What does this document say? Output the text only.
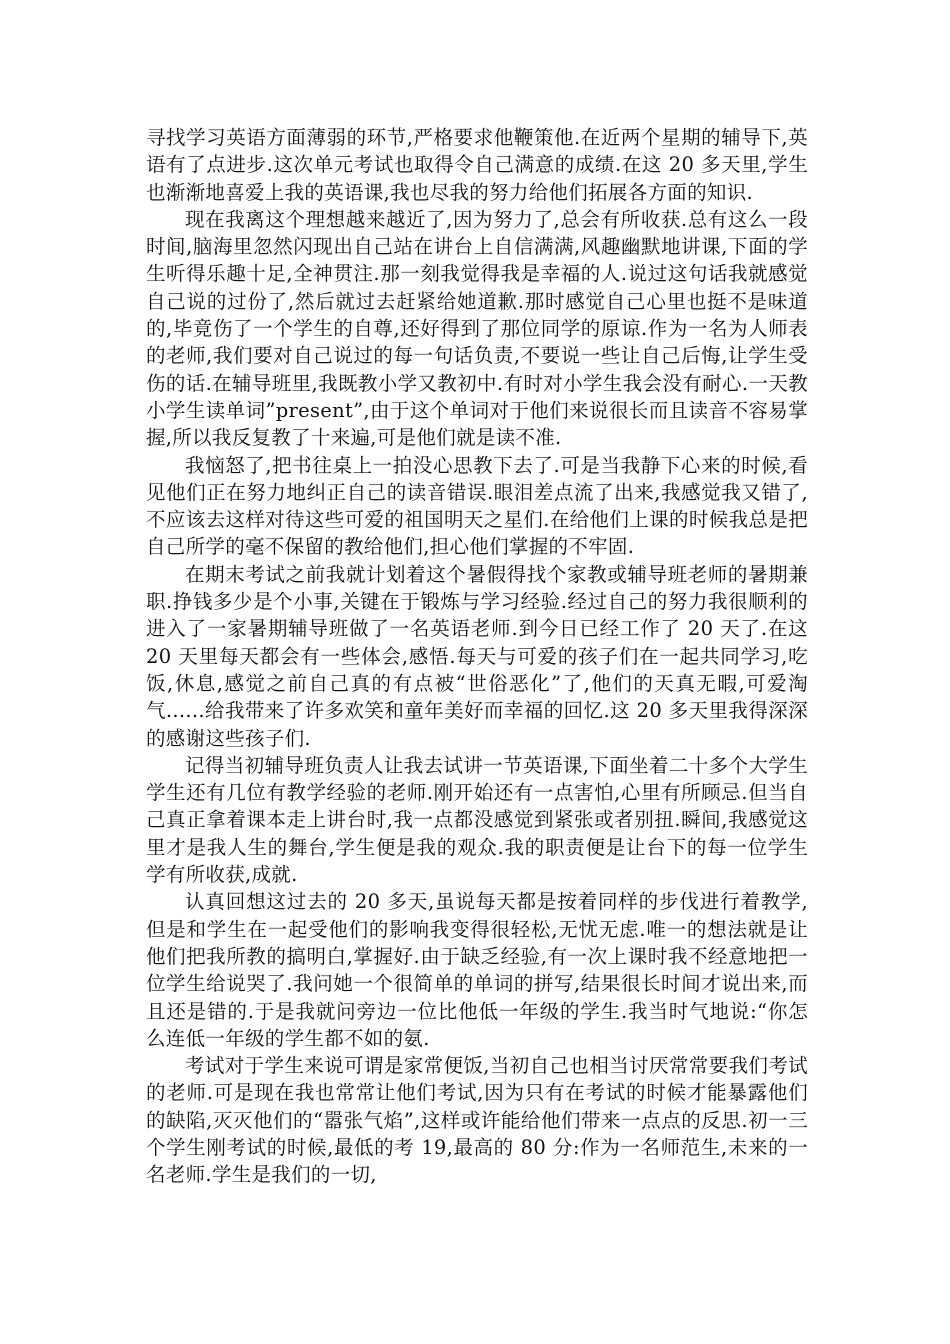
寻找学习英语方面薄弱的环节,严格要求他鞭策他.在近两个星期的辅导下,英语有了点进步.这次单元考试也取得令自己满意的成绩.在这 20 多天里,学生也渐渐地喜爱上我的英语课,我也尽我的努力给他们拓展各方面的知识.

现在我离这个理想越来越近了,因为努力了,总会有所收获.总有这么一段时间,脑海里忽然闪现出自己站在讲台上自信满满,风趣幽默地讲课,下面的学生听得乐趣十足,全神贯注.那一刻我觉得我是幸福的人.说过这句话我就感觉自己说的过份了,然后就过去赶紧给她道歉.那时感觉自己心里也挺不是味道的,毕竟伤了一个学生的自尊,还好得到了那位同学的原谅.作为一名为人师表的老师,我们要对自己说过的每一句话负责,不要说一些让自己后悔,让学生受伤的话.在辅导班里,我既教小学又教初中.有时对小学生我会没有耐心.一天教小学生读单词”present”,由于这个单词对于他们来说很长而且读音不容易掌握,所以我反复教了十来遍,可是他们就是读不准.

我恼怒了,把书往桌上一拍没心思教下去了.可是当我静下心来的时候,看见他们正在努力地纠正自己的读音错误.眼泪差点流了出来,我感觉我又错了,不应该去这样对待这些可爱的祖国明天之星们.在给他们上课的时候我总是把自己所学的毫不保留的教给他们,担心他们掌握的不牢固.

在期末考试之前我就计划着这个暑假得找个家教或辅导班老师的暑期兼职.挣钱多少是个小事,关键在于锻炼与学习经验.经过自己的努力我很顺利的进入了一家暑期辅导班做了一名英语老师.到今日已经工作了 20 天了.在这 20 天里每天都会有一些体会,感悟.每天与可爱的孩子们在一起共同学习,吃饭,休息,感觉之前自己真的有点被“世俗恶化”了,他们的天真无暇,可爱淘气......给我带来了许多欢笑和童年美好而幸福的回忆.这 20 多天里我得深深的感谢这些孩子们.

记得当初辅导班负责人让我去试讲一节英语课,下面坐着二十多个大学生学生还有几位有教学经验的老师.刚开始还有一点害怕,心里有所顾忌.但当自己真正拿着课本走上讲台时,我一点都没感觉到紧张或者别扭.瞬间,我感觉这里才是我人生的舞台,学生便是我的观众.我的职责便是让台下的每一位学生学有所收获,成就.

认真回想这过去的 20 多天,虽说每天都是按着同样的步伐进行着教学,但是和学生在一起受他们的影响我变得很轻松,无忧无虑.唯一的想法就是让他们把我所教的搞明白,掌握好.由于缺乏经验,有一次上课时我不经意地把一位学生给说哭了.我问她一个很简单的单词的拼写,结果很长时间才说出来,而且还是错的.于是我就问旁边一位比他低一年级的学生.我当时气地说:“你怎么连低一年级的学生都不如的氨.

考试对于学生来说可谓是家常便饭,当初自己也相当讨厌常常要我们考试的老师.可是现在我也常常让他们考试,因为只有在考试的时候才能暴露他们的缺陷,灭灭他们的“嚣张气焰”,这样或许能给他们带来一点点的反思.初一三个学生刚考试的时候,最低的考 19,最高的 80 分:作为一名师范生,未来的一名老师.学生是我们的一切,
